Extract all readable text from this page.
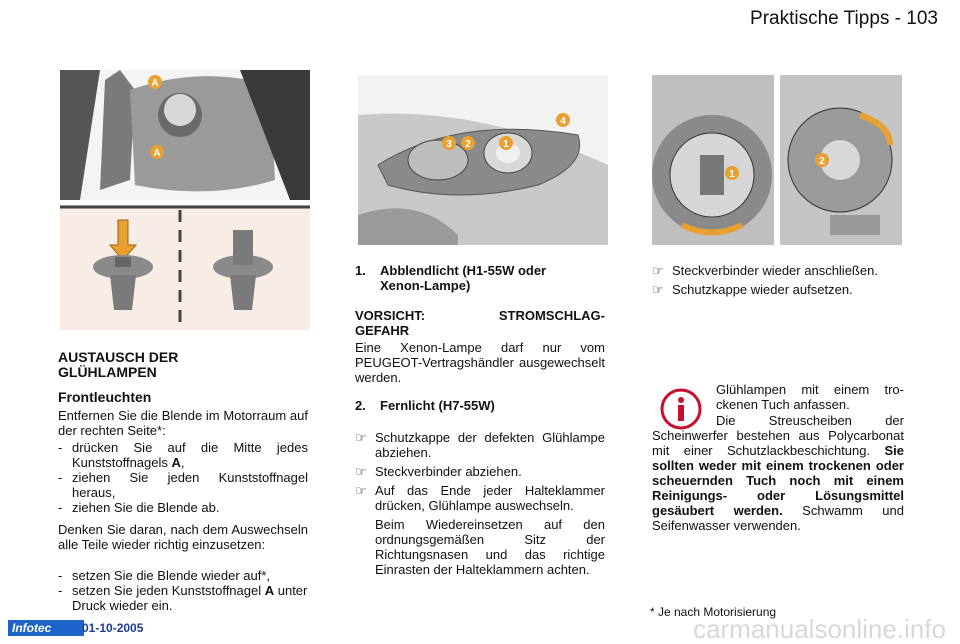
Praktische Tipps - 103
A
A
AUSTAUSCH DER
GLÜHLAMPEN
Frontleuchten
Entfernen Sie die Blende im Motorraum auf der rechten Seite*:
- drücken Sie auf die Mitte jedes Kunststoffnagels A,
- ziehen Sie jeden Kunststoffnagel heraus,
- ziehen Sie die Blende ab.
Denken Sie daran, nach dem Auswechseln alle Teile wieder richtig einzusetzen:
- setzen Sie die Blende wieder auf*,
- setzen Sie jeden Kunststoffnagel A unter Druck wieder ein.
3 2	1
4
1. Abblendlicht (H1-55W oder
Xenon-Lampe)
VORSICHT:	STROMSCHLAG-
GEFAHR
Eine Xenon-Lampe darf nur vom PEUGEOT-Vertragshändler ausgewechselt werden.
2. Fernlicht (H7-55W)
☞ Schutzkappe der defekten Glühlampe abziehen.
☞ Steckverbinder abziehen.
☞ Auf das Ende jeder Halteklammer drücken, Glühlampe auswechseln.
Beim Wiedereinsetzen auf den ordnungsgemäßen Sitz der Richtungsnasen und das richtige Einrasten der Halteklammern achten.
1
2
☞ Steckverbinder wieder anschließen.
☞ Schutzkappe wieder aufsetzen.
Glühlampen mit einem trockenen Tuch anfassen.
Die Streuscheiben der Scheinwerfer bestehen aus Polycarbonat mit einer Schutzlackbeschichtung. Sie sollten weder mit einem trockenen oder scheuernden Tuch noch mit einem Reinigungs- oder Lösungsmittel gesäubert werden. Schwamm und Seifenwasser verwenden.
* Je nach Motorisierung
Infotec	01-10-2005	carmanualsonline.info
